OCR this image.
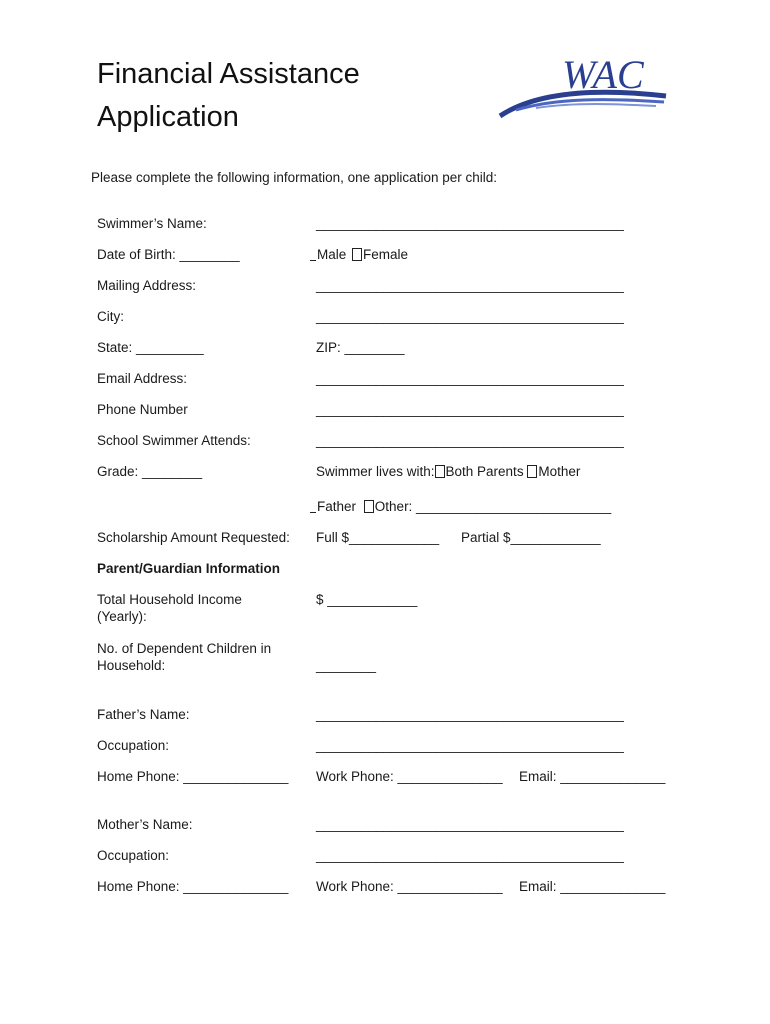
Financial Assistance
Application
WAC
Please complete the following information, one application per child:
Swimmer’s Name:	_________________________________________
Date of Birth: ________	Male Female
Mailing Address:	_________________________________________
City:	_________________________________________
State: _________	ZIP: ________
Email Address:	_________________________________________
Phone Number	_________________________________________
School Swimmer Attends:	_________________________________________
Grade: ________	Swimmer lives with: Both Parents Mother
Father Other: __________________________
Scholarship Amount Requested: Full $____________ Partial $____________
Parent/Guardian Information
Total Household Income
(Yearly):
$ ____________
No. of Dependent Children in
Household:	________
Father’s Name:	_________________________________________
Occupation:	_________________________________________
Home Phone: ______________ Work Phone: ______________ Email: ______________
Mother’s Name:	_________________________________________
Occupation:	_________________________________________
Home Phone: ______________ Work Phone: ______________ Email: ______________
